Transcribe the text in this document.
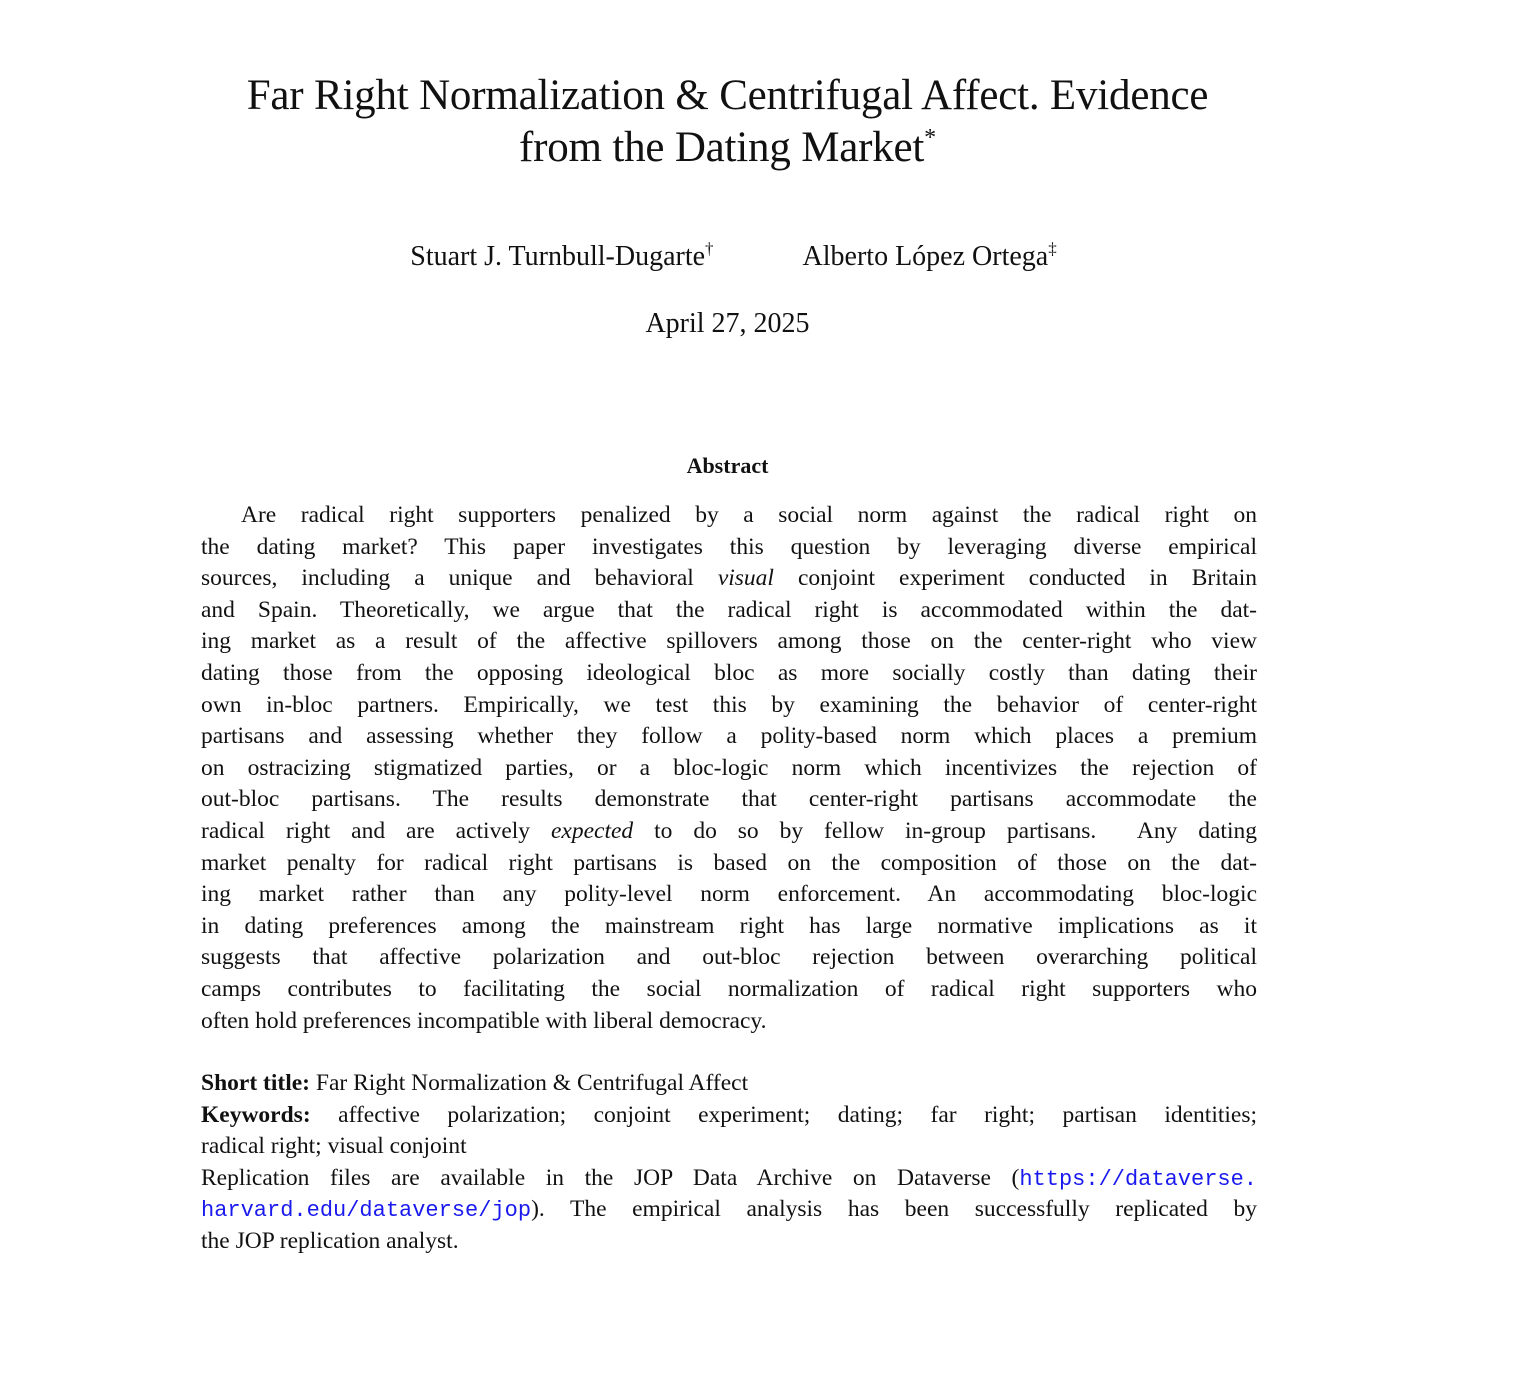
Far Right Normalization & Centrifugal Affect. Evidence
from the Dating Market*
Stuart J. Turnbull-Dugarte†	Alberto López Ortega‡
April 27, 2025
Abstract
Are radical right supporters penalized by a social norm against the radical right on
the dating market? This paper investigates this question by leveraging diverse empirical
sources, including a unique and behavioral visual conjoint experiment conducted in Britain
and Spain. Theoretically, we argue that the radical right is accommodated within the dat-
ing market as a result of the affective spillovers among those on the center-right who view
dating those from the opposing ideological bloc as more socially costly than dating their
own in-bloc partners. Empirically, we test this by examining the behavior of center-right
partisans and assessing whether they follow a polity-based norm which places a premium
on ostracizing stigmatized parties, or a bloc-logic norm which incentivizes the rejection of
out-bloc partisans. The results demonstrate that center-right partisans accommodate the
radical right and are actively expected to do so by fellow in-group partisans.  Any dating
market penalty for radical right partisans is based on the composition of those on the dat-
ing market rather than any polity-level norm enforcement. An accommodating bloc-logic
in dating preferences among the mainstream right has large normative implications as it
suggests that affective polarization and out-bloc rejection between overarching political
camps contributes to facilitating the social normalization of radical right supporters who
often hold preferences incompatible with liberal democracy.
Short title: Far Right Normalization & Centrifugal Affect
Keywords: affective polarization; conjoint experiment; dating; far right; partisan identities;
radical right; visual conjoint
Replication files are available in the JOP Data Archive on Dataverse (https://dataverse.
harvard.edu/dataverse/jop). The empirical analysis has been successfully replicated by
the JOP replication analyst.
